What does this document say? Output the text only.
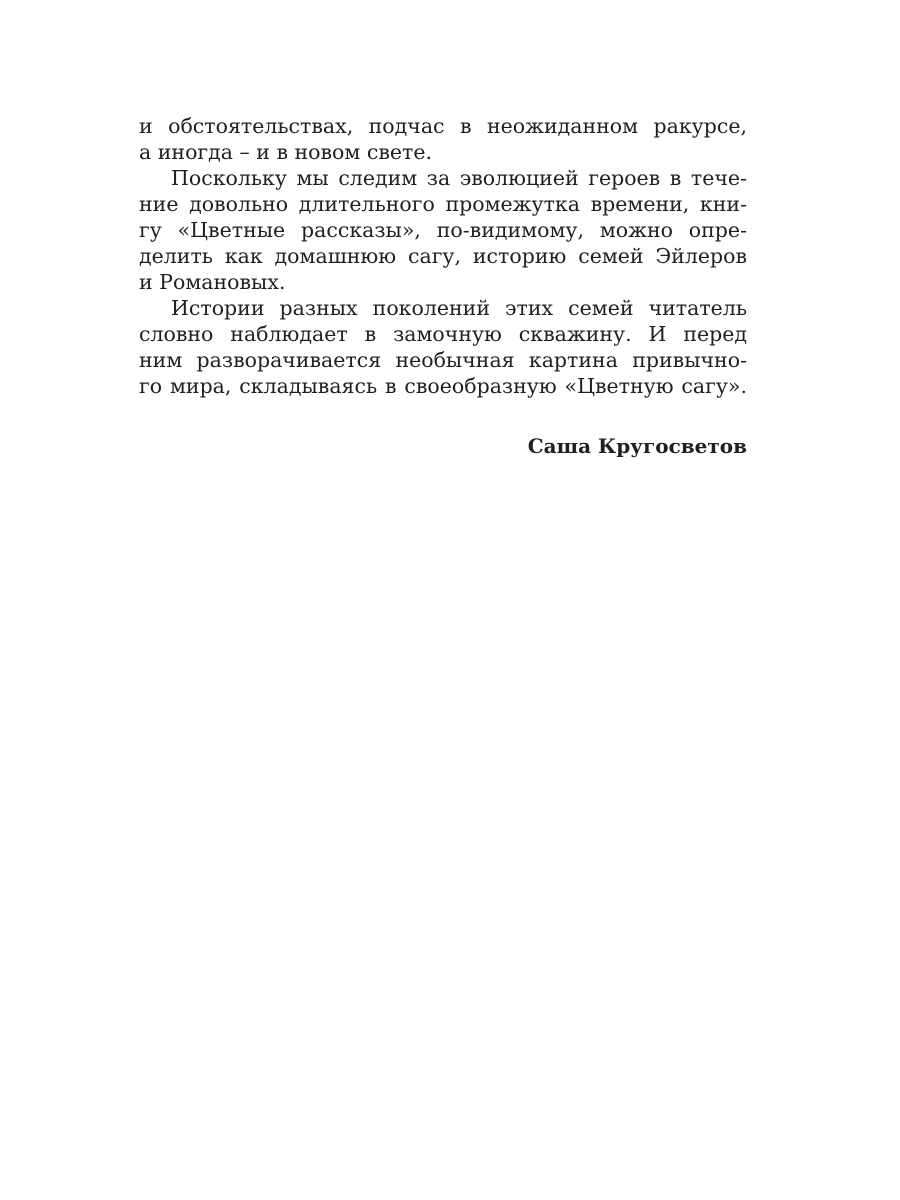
и обстоятельствах, подчас в неожиданном ракурсе,
а иногда – и в новом свете.
Поскольку мы следим за эволюцией героев в тече-
ние довольно длительного промежутка времени, кни-
гу «Цветные рассказы», по-видимому, можно опре-
делить как домашнюю сагу, историю семей Эйлеров
и Романовых.
Истории разных поколений этих семей читатель
словно наблюдает в замочную скважину. И перед
ним разворачивается необычная картина привычно-
го мира, складываясь в своеобразную «Цветную сагу».
Саша Кругосветов
